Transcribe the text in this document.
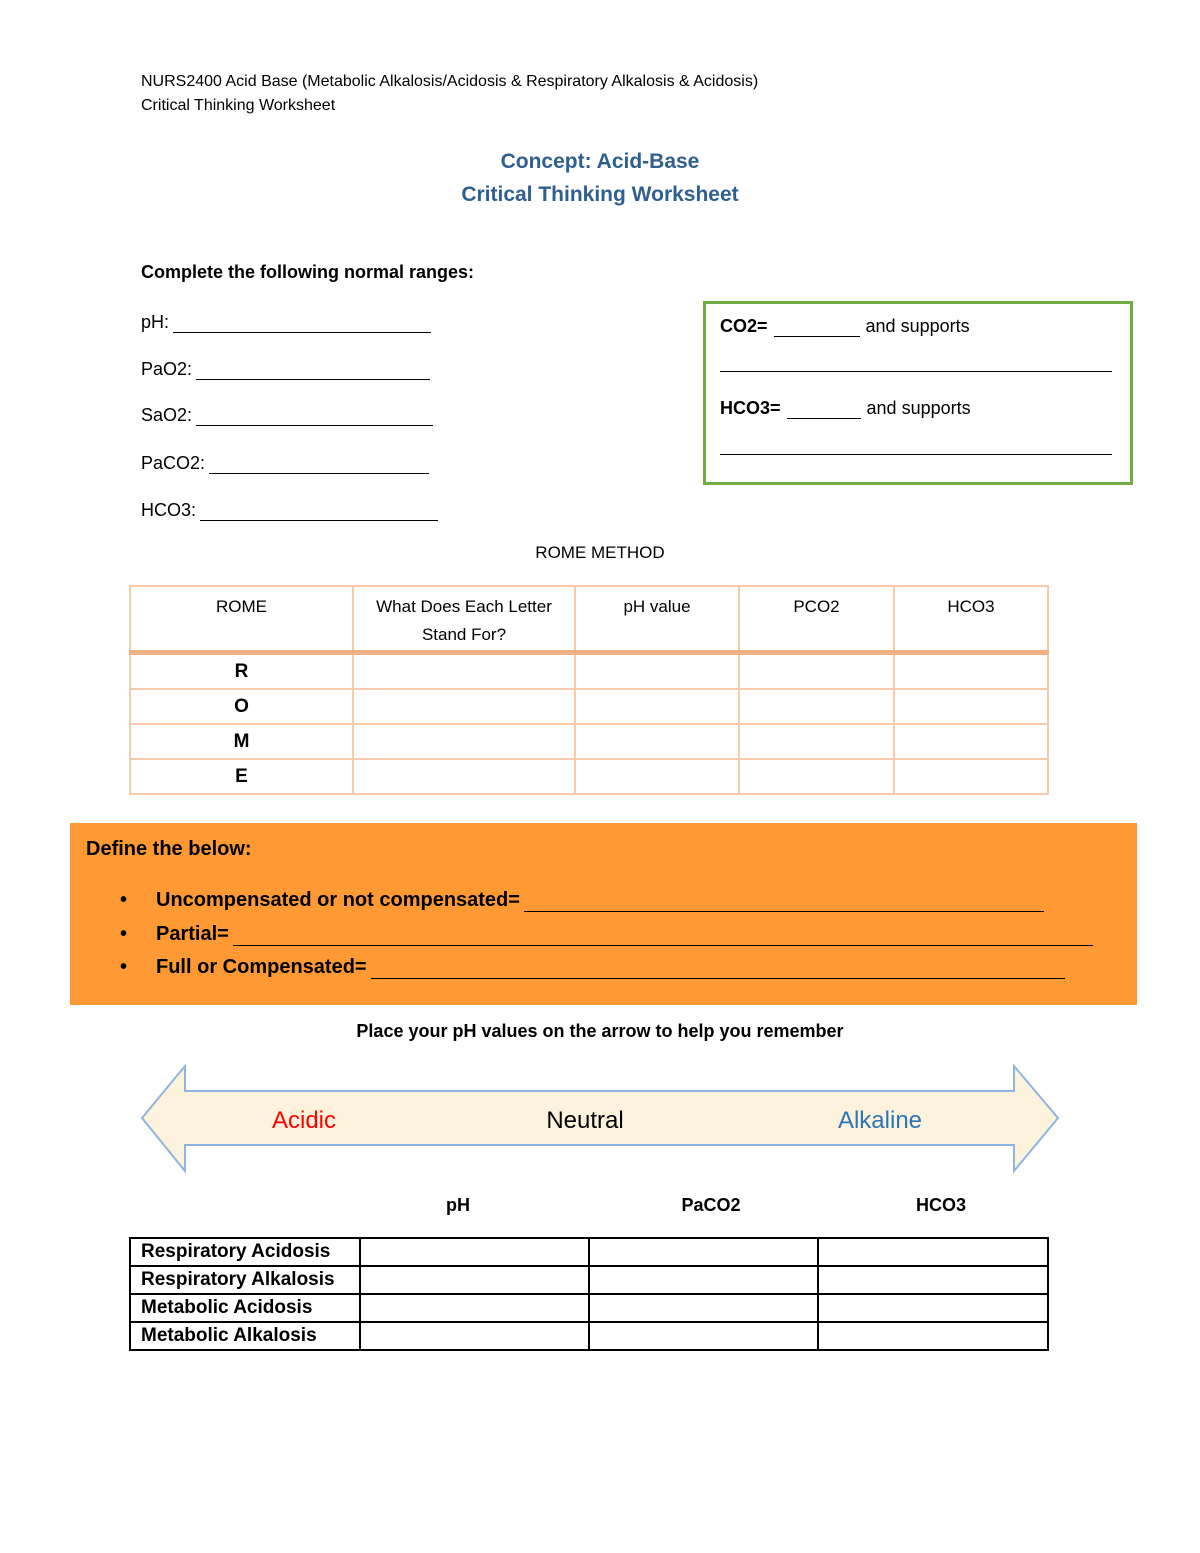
NURS2400 Acid Base (Metabolic Alkalosis/Acidosis & Respiratory Alkalosis & Acidosis)
Critical Thinking Worksheet
Concept: Acid-Base
Critical Thinking Worksheet
Complete the following normal ranges:
pH:
PaO2:
SaO2:
PaCO2:
HCO3:
CO2=	and supports
HCO3=	and supports
ROME METHOD
ROME	What Does Each Letter Stand For?	pH value	PCO2	HCO3
R				
O				
M				
E				
Define the below:
• Uncompensated or not compensated=
• Partial=
• Full or Compensated=
Place your pH values on the arrow to help you remember
Acidic	Neutral	Alkaline
pH	PaCO2	HCO3
Respiratory Acidosis			
Respiratory Alkalosis			
Metabolic Acidosis			
Metabolic Alkalosis			
